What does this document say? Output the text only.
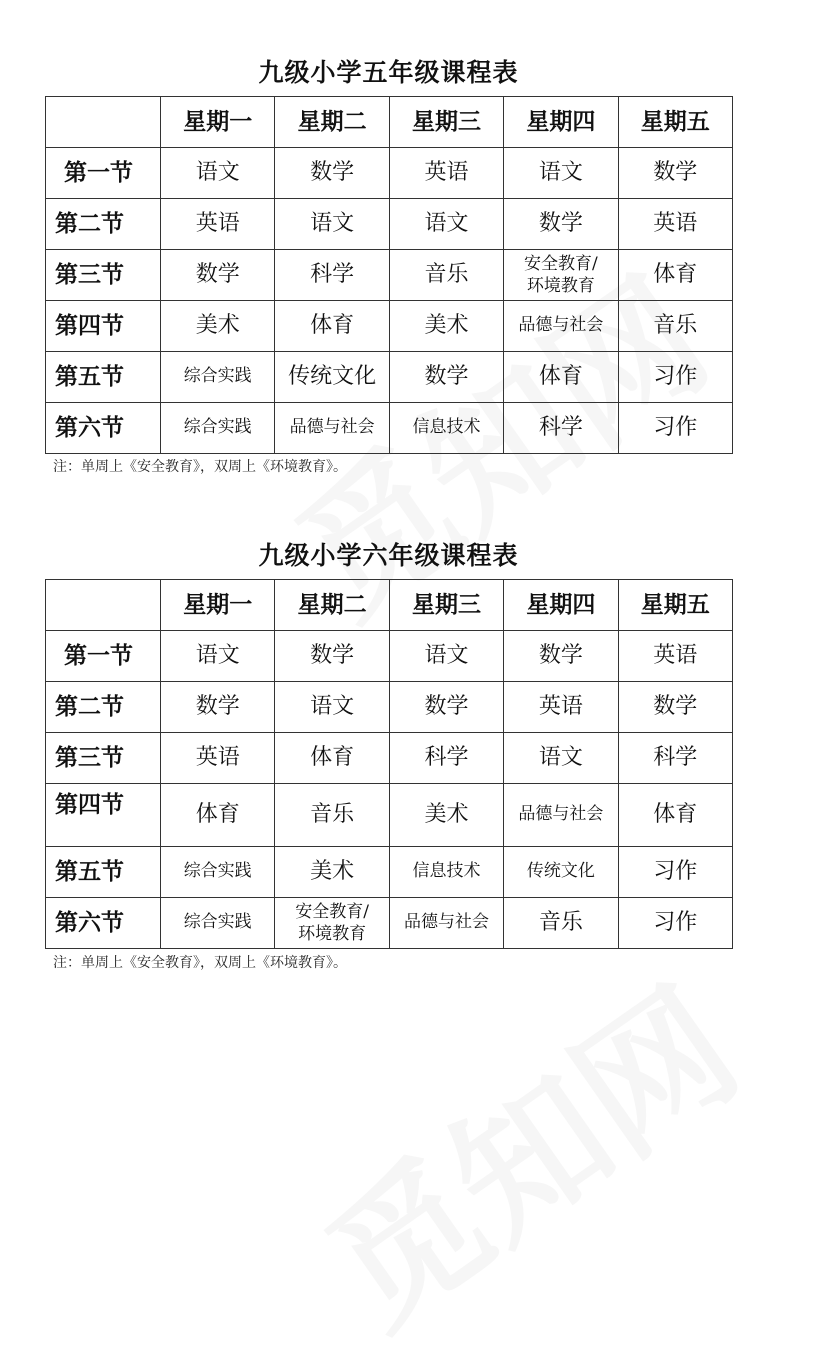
九级小学五年级课程表
	星期一	星期二	星期三	星期四	星期五
第一节	语文	数学	英语	语文	数学
第二节	英语	语文	语文	数学	英语
第三节	数学	科学	音乐	安全教育/
环境教育	体育
第四节	美术	体育	美术	品德与社会	音乐
第五节	综合实践	传统文化	数学	体育	习作
第六节	综合实践	品德与社会	信息技术	科学	习作
注：单周上《安全教育》，双周上《环境教育》。
九级小学六年级课程表
	星期一	星期二	星期三	星期四	星期五
第一节	语文	数学	语文	数学	英语
第二节	数学	语文	数学	英语	数学
第三节	英语	体育	科学	语文	科学
第四节	体育	音乐	美术	品德与社会	体育
第五节	综合实践	美术	信息技术	传统文化	习作
第六节	综合实践	安全教育/
环境教育	品德与社会	音乐	习作
注：单周上《安全教育》，双周上《环境教育》。
